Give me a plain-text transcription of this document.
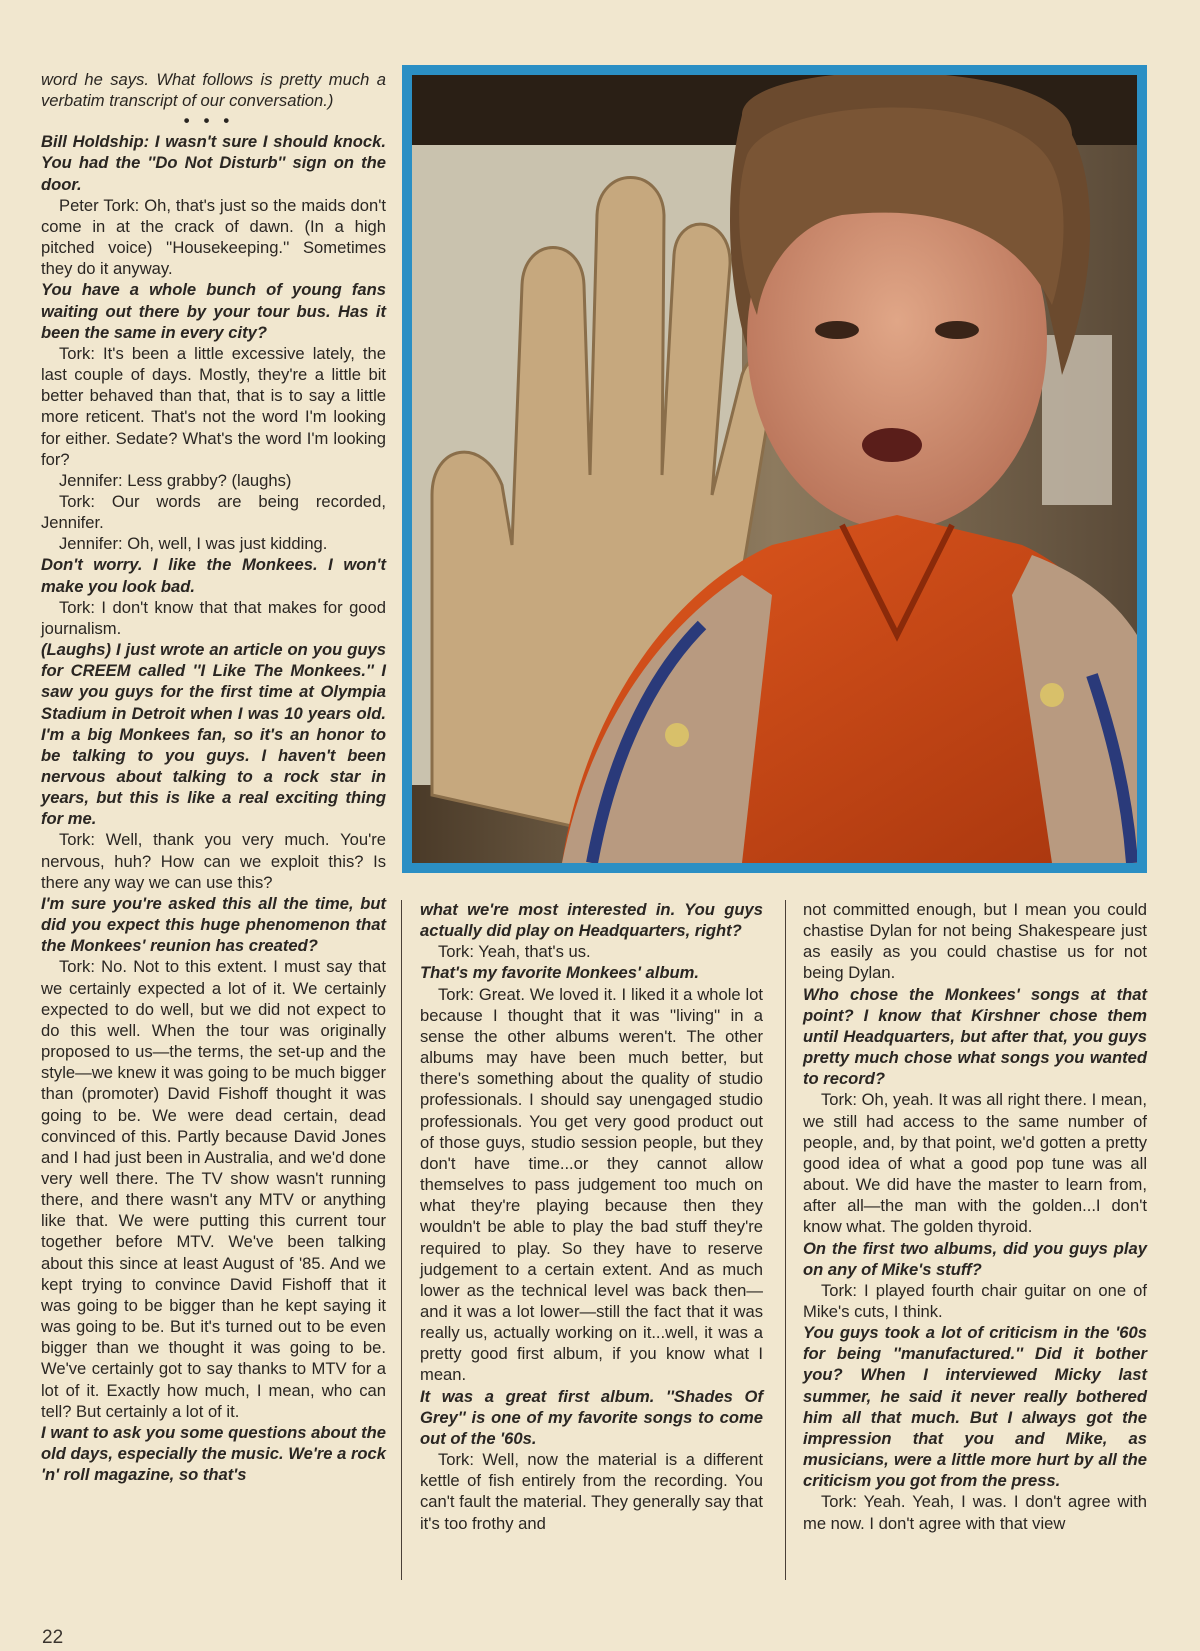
word he says. What follows is pretty much a verbatim transcript of our conversation.)

•••

Bill Holdship: I wasn't sure I should knock. You had the ''Do Not Disturb'' sign on the door.

Peter Tork: Oh, that's just so the maids don't come in at the crack of dawn. (In a high pitched voice) ''Housekeeping.'' Sometimes they do it anyway.

You have a whole bunch of young fans waiting out there by your tour bus. Has it been the same in every city?

Tork: It's been a little excessive lately, the last couple of days. Mostly, they're a little bit better behaved than that, that is to say a little more reticent. That's not the word I'm looking for either. Sedate? What's the word I'm looking for?

Jennifer: Less grabby? (laughs)

Tork: Our words are being recorded, Jennifer.

Jennifer: Oh, well, I was just kidding.

Don't worry. I like the Monkees. I won't make you look bad.

Tork: I don't know that that makes for good journalism.

(Laughs) I just wrote an article on you guys for CREEM called ''I Like The Monkees.'' I saw you guys for the first time at Olympia Stadium in Detroit when I was 10 years old. I'm a big Monkees fan, so it's an honor to be talking to you guys. I haven't been nervous about talking to a rock star in years, but this is like a real exciting thing for me.

Tork: Well, thank you very much. You're nervous, huh? How can we exploit this? Is there any way we can use this?

I'm sure you're asked this all the time, but did you expect this huge phenomenon that the Monkees' reunion has created?

Tork: No. Not to this extent. I must say that we certainly expected a lot of it. We certainly expected to do well, but we did not expect to do this well. When the tour was originally proposed to us—the terms, the set-up and the style—we knew it was going to be much bigger than (promoter) David Fishoff thought it was going to be. We were dead certain, dead convinced of this. Partly because David Jones and I had just been in Australia, and we'd done very well there. The TV show wasn't running there, and there wasn't any MTV or anything like that. We were putting this current tour together before MTV. We've been talking about this since at least August of '85. And we kept trying to convince David Fishoff that it was going to be bigger than he kept saying it was going to be. But it's turned out to be even bigger than we thought it was going to be. We've certainly got to say thanks to MTV for a lot of it. Exactly how much, I mean, who can tell? But certainly a lot of it.

I want to ask you some questions about the old days, especially the music. We're a rock 'n' roll magazine, so that's

what we're most interested in. You guys actually did play on Headquarters, right?

Tork: Yeah, that's us.

That's my favorite Monkees' album.

Tork: Great. We loved it. I liked it a whole lot because I thought that it was ''living'' in a sense the other albums weren't. The other albums may have been much better, but there's something about the quality of studio professionals. I should say unengaged studio professionals. You get very good product out of those guys, studio session people, but they don't have time...or they cannot allow themselves to pass judgement too much on what they're playing because then they wouldn't be able to play the bad stuff they're required to play. So they have to reserve judgement to a certain extent. And as much lower as the technical level was back then—and it was a lot lower—still the fact that it was really us, actually working on it...well, it was a pretty good first album, if you know what I mean.

It was a great first album. ''Shades Of Grey'' is one of my favorite songs to come out of the '60s.

Tork: Well, now the material is a different kettle of fish entirely from the recording. You can't fault the material. They generally say that it's too frothy and

not committed enough, but I mean you could chastise Dylan for not being Shakespeare just as easily as you could chastise us for not being Dylan.

Who chose the Monkees' songs at that point? I know that Kirshner chose them until Headquarters, but after that, you guys pretty much chose what songs you wanted to record?

Tork: Oh, yeah. It was all right there. I mean, we still had access to the same number of people, and, by that point, we'd gotten a pretty good idea of what a good pop tune was all about. We did have the master to learn from, after all—the man with the golden...I don't know what. The golden thyroid.

On the first two albums, did you guys play on any of Mike's stuff?

Tork: I played fourth chair guitar on one of Mike's cuts, I think.

You guys took a lot of criticism in the '60s for being ''manufactured.'' Did it bother you? When I interviewed Micky last summer, he said it never really bothered him all that much. But I always got the impression that you and Mike, as musicians, were a little more hurt by all the criticism you got from the press.

Tork: Yeah. Yeah, I was. I don't agree with me now. I don't agree with that view

22
